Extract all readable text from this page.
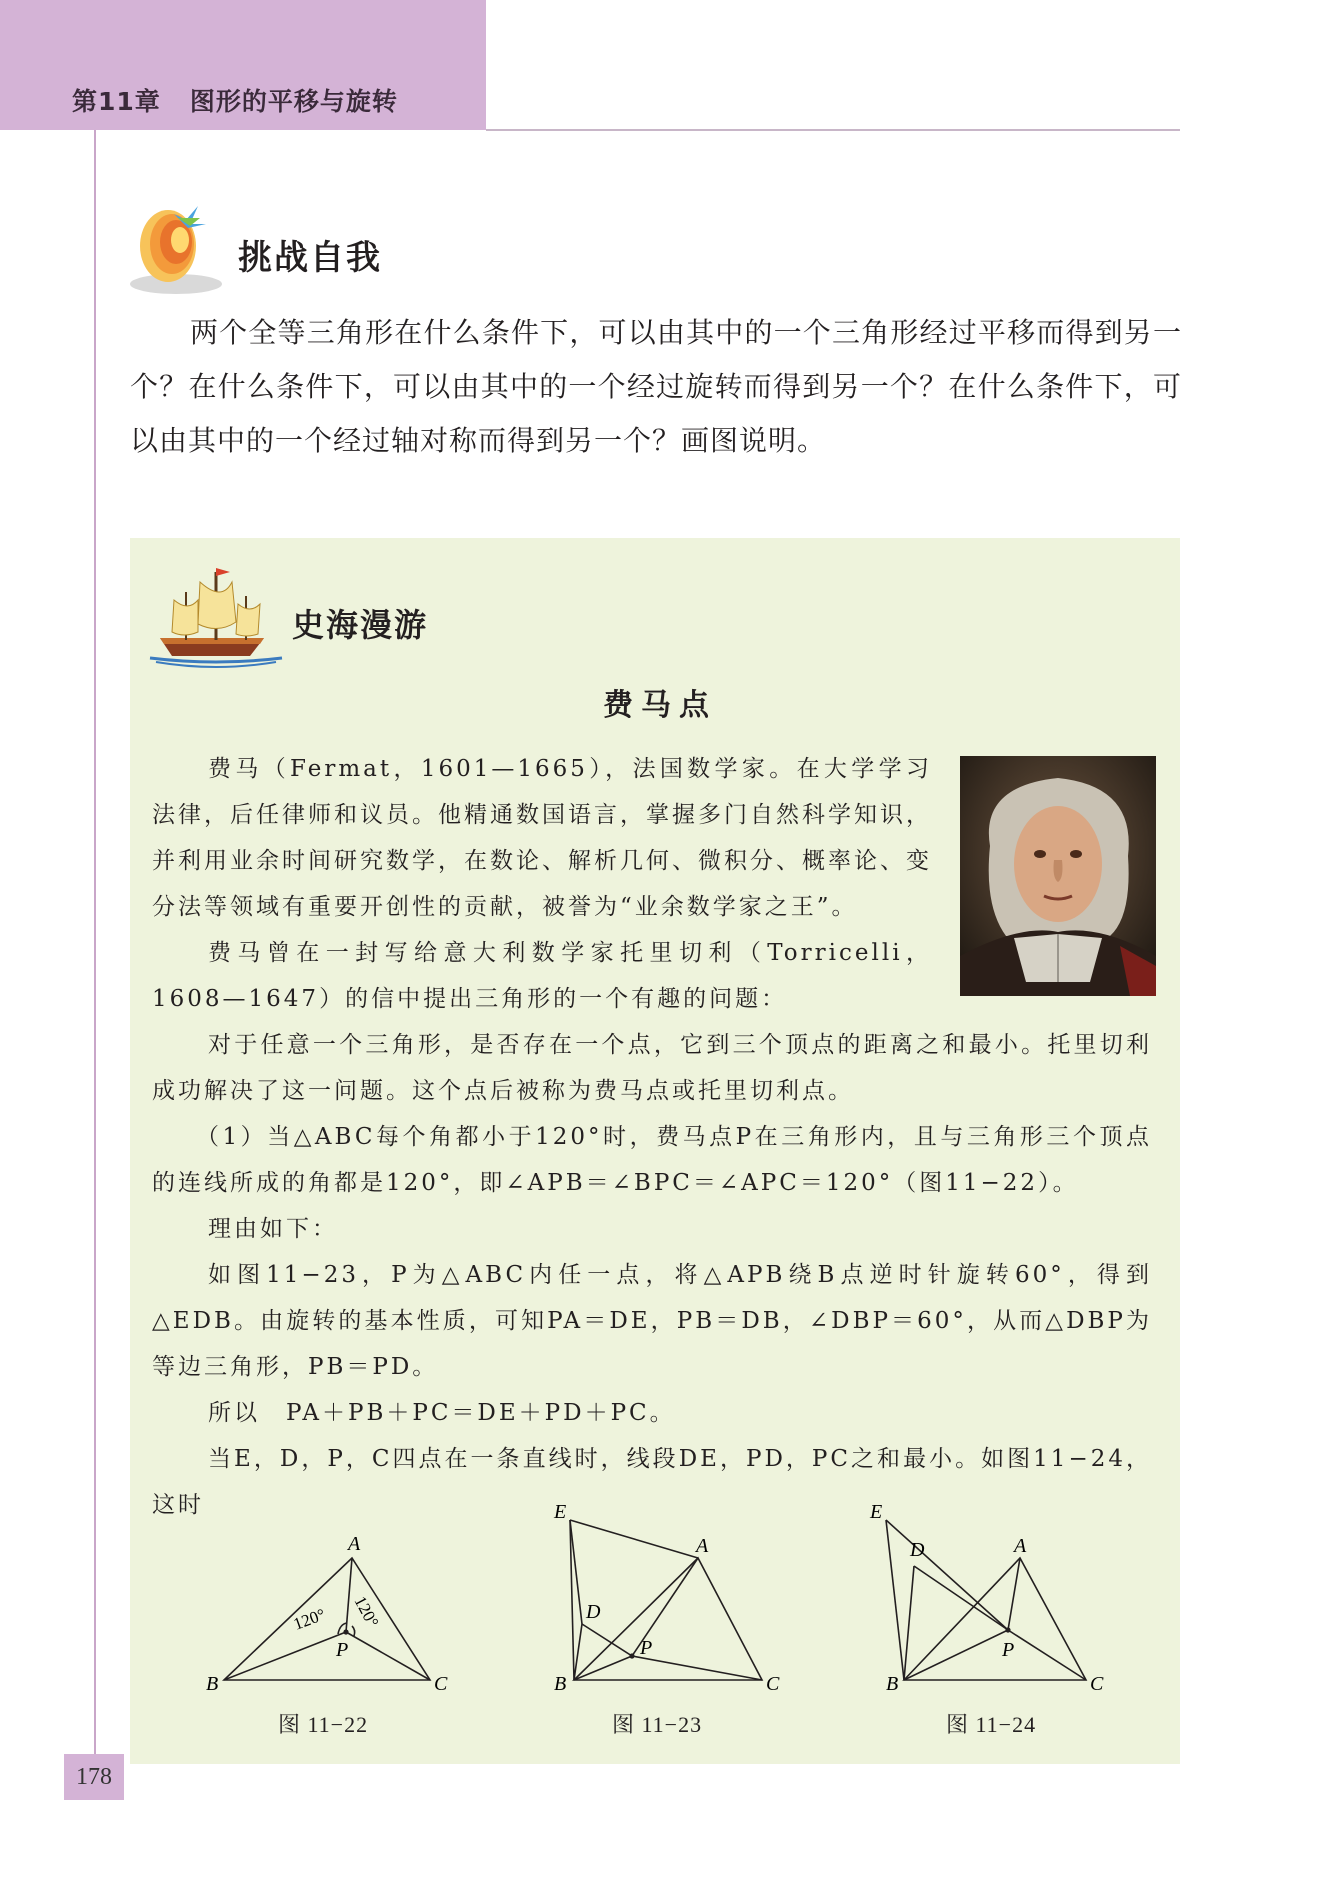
第11章 图形的平移与旋转
挑战自我
两个全等三角形在什么条件下，可以由其中的一个三角形经过平移而得到另一个？在什么条件下，可以由其中的一个经过旋转而得到另一个？在什么条件下，可以由其中的一个经过轴对称而得到另一个？画图说明。
史海漫游
费马点
费马（Fermat，1601—1665），法国数学家。在大学学习法律，后任律师和议员。他精通数国语言，掌握多门自然科学知识，并利用业余时间研究数学，在数论、解析几何、微积分、概率论、变分法等领域有重要开创性的贡献，被誉为“业余数学家之王”。
费马曾在一封写给意大利数学家托里切利（Torricelli，1608—1647）的信中提出三角形的一个有趣的问题：
对于任意一个三角形，是否存在一个点，它到三个顶点的距离之和最小。托里切利成功解决了这一问题。这个点后被称为费马点或托里切利点。
（1）当△ABC每个角都小于120°时，费马点P在三角形内，且与三角形三个顶点的连线所成的角都是120°，即∠APB＝∠BPC＝∠APC＝120°（图11−22）。
理由如下：
如图11−23，P为△ABC内任一点，将△APB绕B点逆时针旋转60°，得到△EDB。由旋转的基本性质，可知PA＝DE，PB＝DB，∠DBP＝60°，从而△DBP为等边三角形，PB＝PD。
所以　PA＋PB＋PC＝DE＋PD＋PC。
当E，D，P，C四点在一条直线时，线段DE，PD，PC之和最小。如图11−24，这时
A
B	C
P
120° 120°
图 11−22
E
A
D
P
B	C
图 11−23
E
D	A
P
B	C
图 11−24
178
